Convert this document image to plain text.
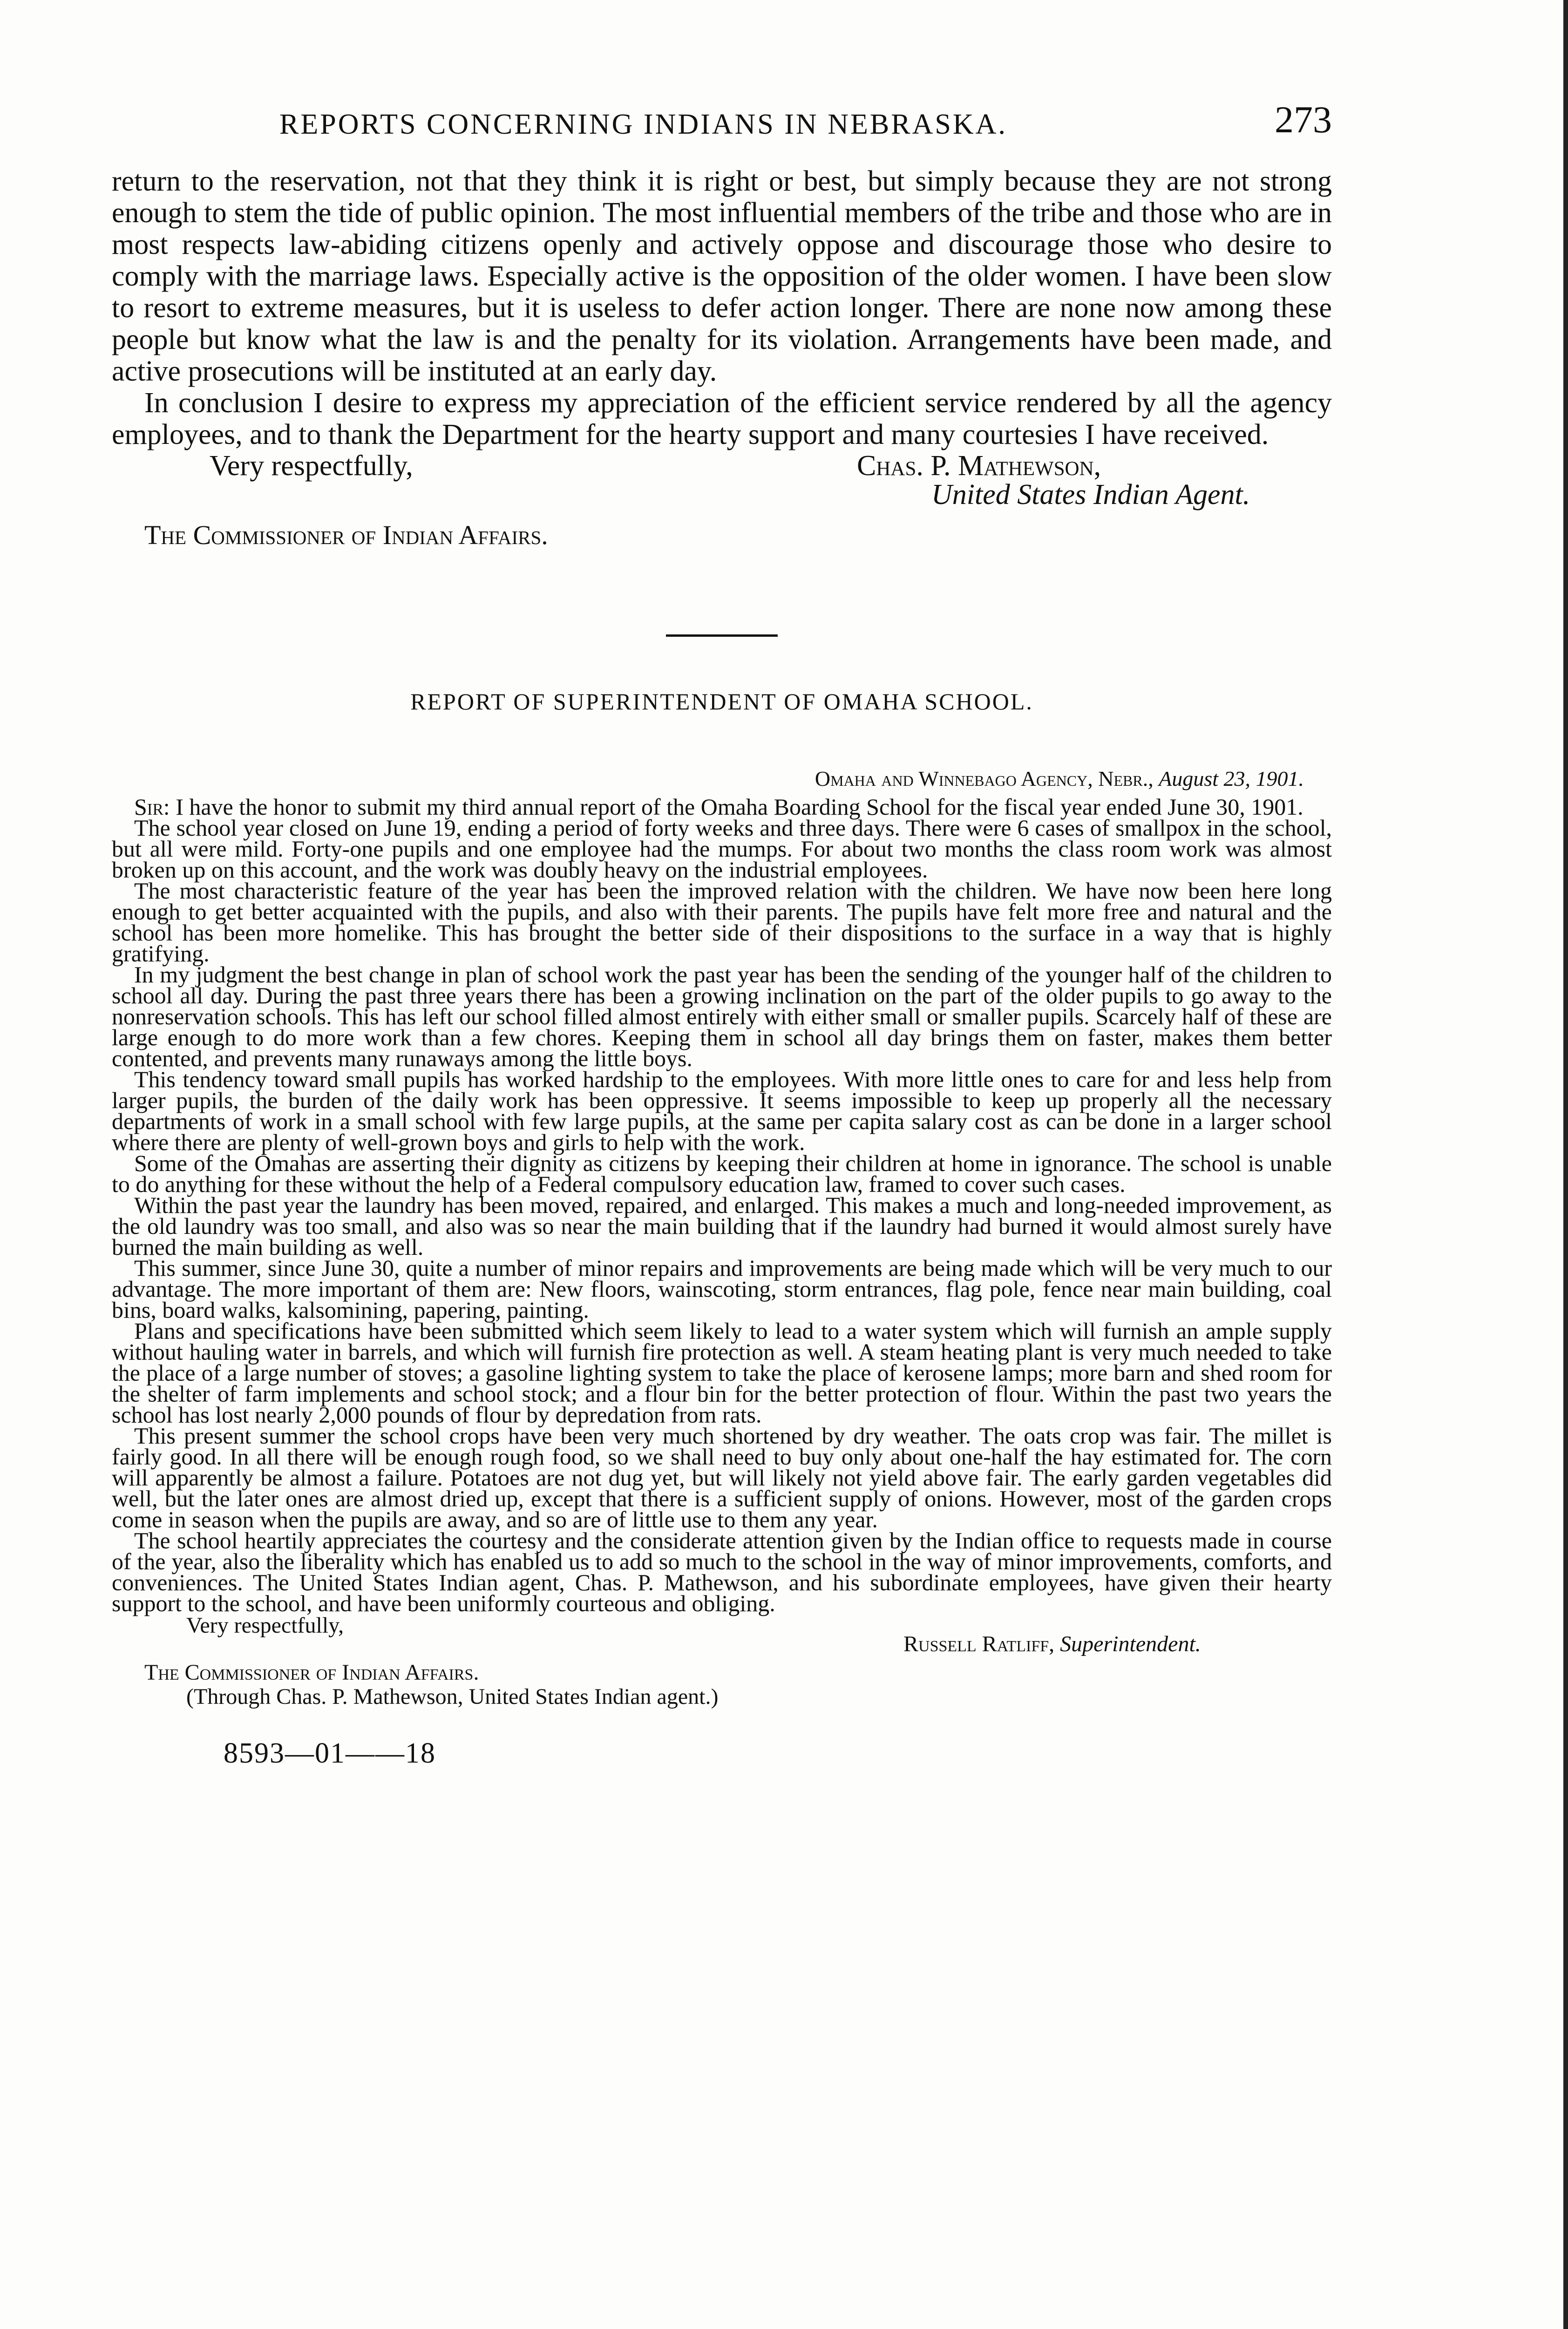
REPORTS CONCERNING INDIANS IN NEBRASKA.	273

return to the reservation, not that they think it is right or best, but simply because they are not strong enough to stem the tide of public opinion. The most influential members of the tribe and those who are in most respects law-abiding citizens openly and actively oppose and discourage those who desire to comply with the marriage laws. Especially active is the opposition of the older women. I have been slow to resort to extreme measures, but it is useless to defer action longer. There are none now among these people but know what the law is and the penalty for its violation. Arrangements have been made, and active prosecutions will be instituted at an early day.

In conclusion I desire to express my appreciation of the efficient service rendered by all the agency employees, and to thank the Department for the hearty support and many courtesies I have received.

Very respectfully,	Chas. P. Mathewson,
United States Indian Agent.
The Commissioner of Indian Affairs.
REPORT OF SUPERINTENDENT OF OMAHA SCHOOL.
Omaha and Winnebago Agency, Nebr., August 23, 1901.

Sir: I have the honor to submit my third annual report of the Omaha Boarding School for the fiscal year ended June 30, 1901.

The school year closed on June 19, ending a period of forty weeks and three days. There were 6 cases of smallpox in the school, but all were mild. Forty-one pupils and one employee had the mumps. For about two months the class room work was almost broken up on this account, and the work was doubly heavy on the industrial employees.

The most characteristic feature of the year has been the improved relation with the children. We have now been here long enough to get better acquainted with the pupils, and also with their parents. The pupils have felt more free and natural and the school has been more homelike. This has brought the better side of their dispositions to the surface in a way that is highly gratifying.

In my judgment the best change in plan of school work the past year has been the sending of the younger half of the children to school all day. During the past three years there has been a growing inclination on the part of the older pupils to go away to the nonreservation schools. This has left our school filled almost entirely with either small or smaller pupils. Scarcely half of these are large enough to do more work than a few chores. Keeping them in school all day brings them on faster, makes them better contented, and prevents many runaways among the little boys.

This tendency toward small pupils has worked hardship to the employees. With more little ones to care for and less help from larger pupils, the burden of the daily work has been oppressive. It seems impossible to keep up properly all the necessary departments of work in a small school with few large pupils, at the same per capita salary cost as can be done in a larger school where there are plenty of well-grown boys and girls to help with the work.

Some of the Omahas are asserting their dignity as citizens by keeping their children at home in ignorance. The school is unable to do anything for these without the help of a Federal compulsory education law, framed to cover such cases.

Within the past year the laundry has been moved, repaired, and enlarged. This makes a much and long-needed improvement, as the old laundry was too small, and also was so near the main building that if the laundry had burned it would almost surely have burned the main building as well.

This summer, since June 30, quite a number of minor repairs and improvements are being made which will be very much to our advantage. The more important of them are: New floors, wainscoting, storm entrances, flag pole, fence near main building, coal bins, board walks, kalsomining, papering, painting.

Plans and specifications have been submitted which seem likely to lead to a water system which will furnish an ample supply without hauling water in barrels, and which will furnish fire protection as well. A steam heating plant is very much needed to take the place of a large number of stoves; a gasoline lighting system to take the place of kerosene lamps; more barn and shed room for the shelter of farm implements and school stock; and a flour bin for the better protection of flour. Within the past two years the school has lost nearly 2,000 pounds of flour by depredation from rats.

This present summer the school crops have been very much shortened by dry weather. The oats crop was fair. The millet is fairly good. In all there will be enough rough food, so we shall need to buy only about one-half the hay estimated for. The corn will apparently be almost a failure. Potatoes are not dug yet, but will likely not yield above fair. The early garden vegetables did well, but the later ones are almost dried up, except that there is a sufficient supply of onions. However, most of the garden crops come in season when the pupils are away, and so are of little use to them any year.

The school heartily appreciates the courtesy and the considerate attention given by the Indian office to requests made in course of the year, also the liberality which has enabled us to add so much to the school in the way of minor improvements, comforts, and conveniences. The United States Indian agent, Chas. P. Mathewson, and his subordinate employees, have given their hearty support to the school, and have been uniformly courteous and obliging.

Very respectfully,
Russell Ratliff, Superintendent.
The Commissioner of Indian Affairs.
(Through Chas. P. Mathewson, United States Indian agent.)
8593—01——18
